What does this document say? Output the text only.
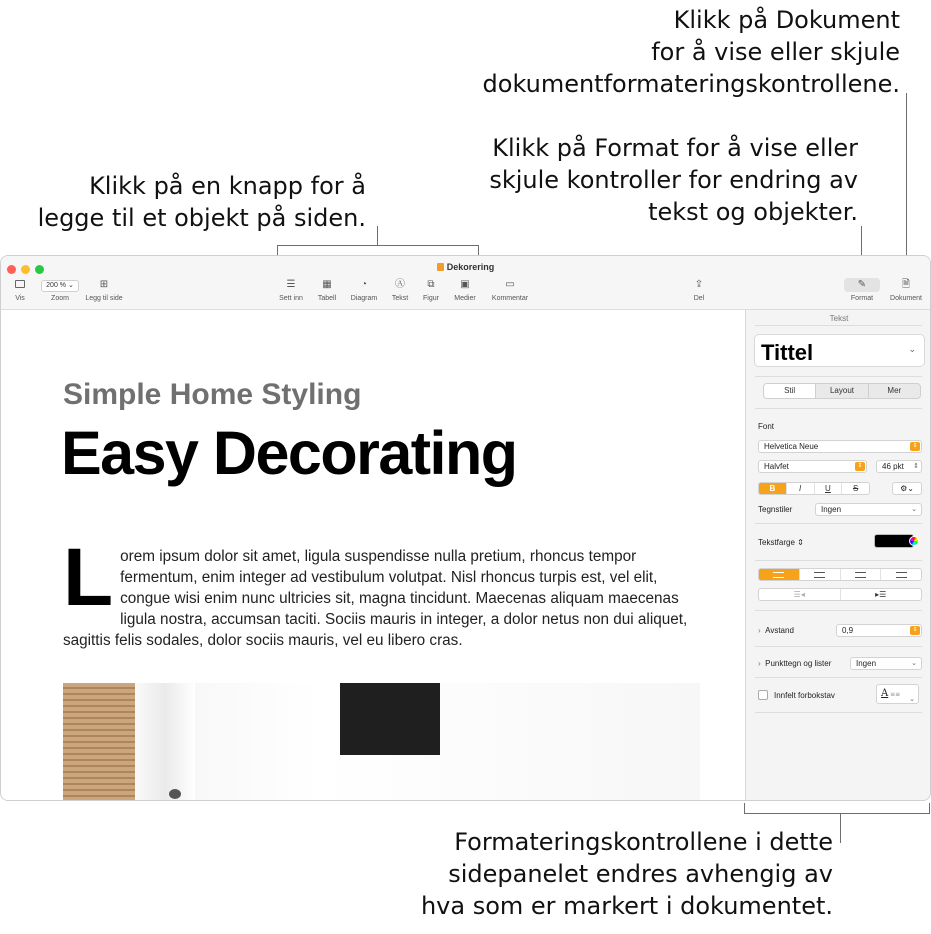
Klikk på Dokument
for å vise eller skjule
dokumentformateringskontrollene.
Klikk på Format for å vise eller
skjule kontroller for endring av
tekst og objekter.
Klikk på en knapp for å
legge til et objekt på siden.
Formateringskontrollene i dette
sidepanelet endres avhengig av
hva som er markert i dokumentet.
Dekorering
Vis
200 % ⌄
Zoom
⊞
Legg til side
☰
Sett inn
▦
Tabell
◔
Diagram
Ⓐ
Tekst
⧉
Figur
▣
Medier
▭
Kommentar
⇪
Del
✎
Format
🗎
Dokument
Simple Home Styling
Easy Decorating
L orem ipsum dolor sit amet, ligula suspendisse nulla pretium, rhoncus tempor fermentum, enim integer ad vestibulum volutpat. Nisl rhoncus turpis est, vel elit, congue wisi enim nunc ultricies sit, magna tincidunt. Maecenas aliquam maecenas ligula nostra, accumsan taciti. Sociis mauris in integer, a dolor netus non dui aliquet, sagittis felis sodales, dolor sociis mauris, vel eu libero cras.
Tekst
Tittel	⌄
Stil	Layout	Mer
Font
Helvetica Neue	⇕
Halvfet	⇕	46 pkt ⇕
B	I	U	S	⚙⌄
Tegnstiler	Ingen	⌄
Tekstfarge ⇕
☰◂	▸☰
› Avstand	0,9	⇕
› Punkttegn og lister	Ingen	⌄
Innfelt forbokstav	A ≡≡
⌄
